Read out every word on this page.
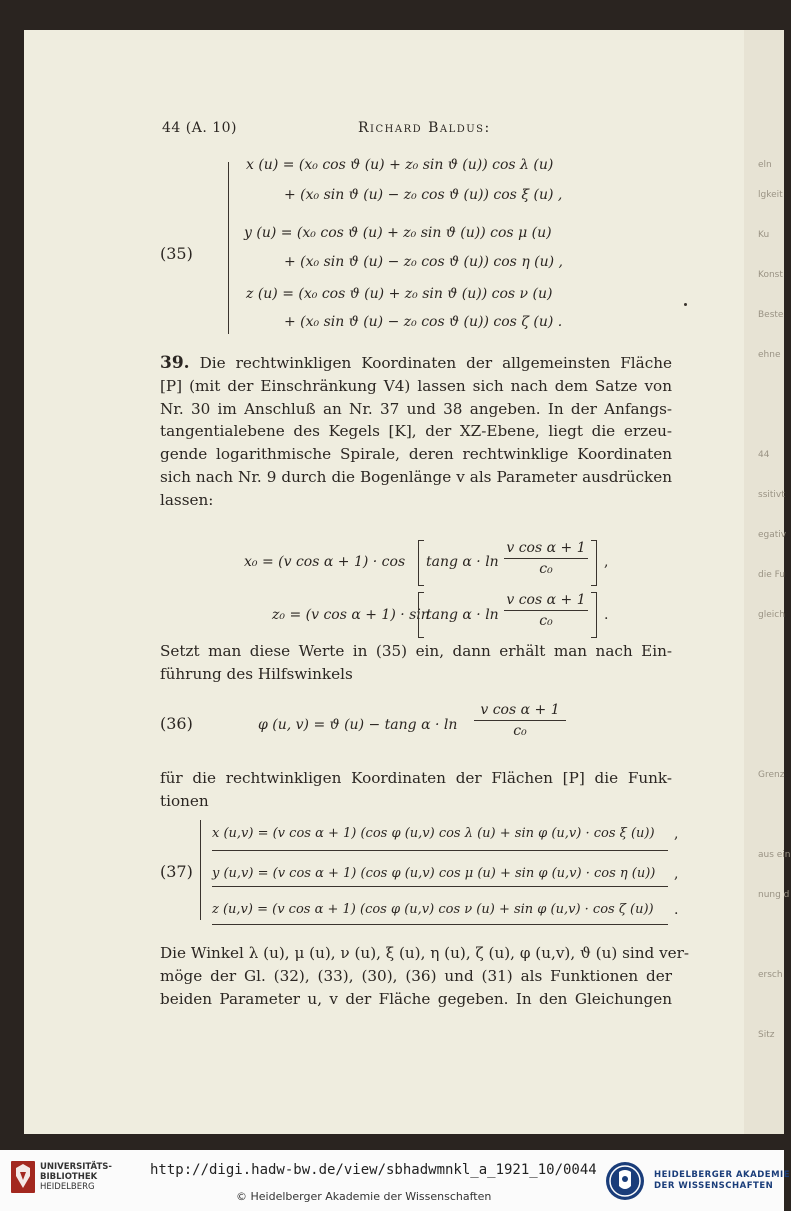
eln
lgkeit
Ku
Konst
Beste
ehne
44
ssitivt
egativ
die Fu
gleich
Grenz
aus ein
nung d
ersch
Sitz
44 (A. 10)	Richard Baldus:
(35)
x (u) = (x₀ cos ϑ (u) + z₀ sin ϑ (u)) cos λ (u)
+ (x₀ sin ϑ (u) − z₀ cos ϑ (u)) cos ξ (u) ,
y (u) = (x₀ cos ϑ (u) + z₀ sin ϑ (u)) cos μ (u)
+ (x₀ sin ϑ (u) − z₀ cos ϑ (u)) cos η (u) ,
z (u) = (x₀ cos ϑ (u) + z₀ sin ϑ (u)) cos ν (u)
+ (x₀ sin ϑ (u) − z₀ cos ϑ (u)) cos ζ (u) .
39. Die rechtwinkligen Koordinaten der allgemeinsten Fläche
[P] (mit der Einschränkung V4) lassen sich nach dem Satze von
Nr. 30 im Anschluß an Nr. 37 und 38 angeben. In der Anfangs-
tangentialebene des Kegels [K], der XZ-Ebene, liegt die erzeu-
gende logarithmische Spirale, deren rechtwinklige Koordinaten
sich nach Nr. 9 durch die Bogenlänge v als Parameter ausdrücken
lassen:
x₀ = (v cos α + 1) · cos tang α · ln
v cos α + 1
c₀	,
z₀ = (v cos α + 1) · sin
tang α · ln
v cos α + 1
c₀	.
Setzt man diese Werte in (35) ein, dann erhält man nach Ein-
führung des Hilfswinkels
(36)	φ (u, v) = ϑ (u) − tang α · ln
v cos α + 1
c₀
für die rechtwinkligen Koordinaten der Flächen [P] die Funk-
tionen
(37)
x (u,v) = (v cos α + 1) (cos φ (u,v) cos λ (u) + sin φ (u,v) · cos ξ (u)) ,
y (u,v) = (v cos α + 1) (cos φ (u,v) cos μ (u) + sin φ (u,v) · cos η (u)) ,
z (u,v) = (v cos α + 1) (cos φ (u,v) cos ν (u) + sin φ (u,v) · cos ζ (u)) .
Die Winkel λ (u), μ (u), ν (u), ξ (u), η (u), ζ (u), φ (u,v), ϑ (u) sind ver-
möge der Gl. (32), (33), (30), (36) und (31) als Funktionen der
beiden Parameter u, v der Fläche gegeben. In den Gleichungen
UNIVERSITÄTS-
BIBLIOTHEK
HEIDELBERG
http://digi.hadw-bw.de/view/sbhadwmnkl_a_1921_10/0044
© Heidelberger Akademie der Wissenschaften
HEIDELBERGER AKADEMIE
DER WISSENSCHAFTEN
